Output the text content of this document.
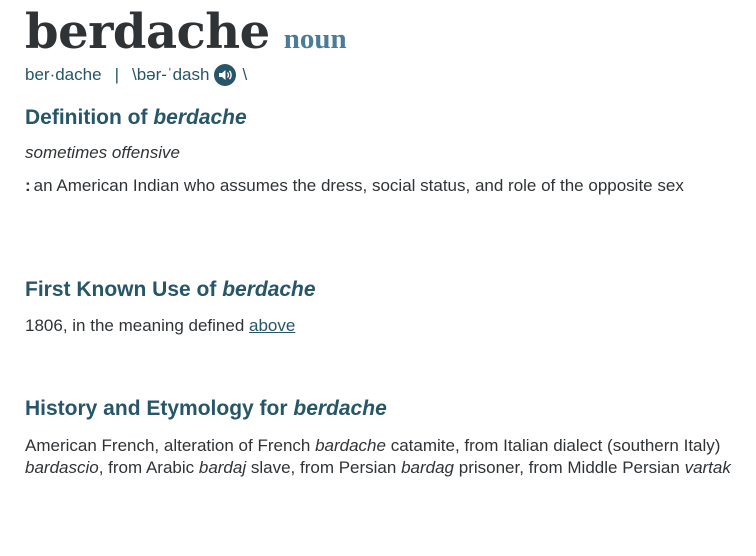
berdache noun
ber·dache | \bər-ˈdash \
Definition of berdache
sometimes offensive
: an American Indian who assumes the dress, social status, and role of the opposite sex
First Known Use of berdache
1806, in the meaning defined above
History and Etymology for berdache
American French, alteration of French bardache catamite, from Italian dialect (southern Italy) bardascio, from Arabic bardaj slave, from Persian bardag prisoner, from Middle Persian vartak
